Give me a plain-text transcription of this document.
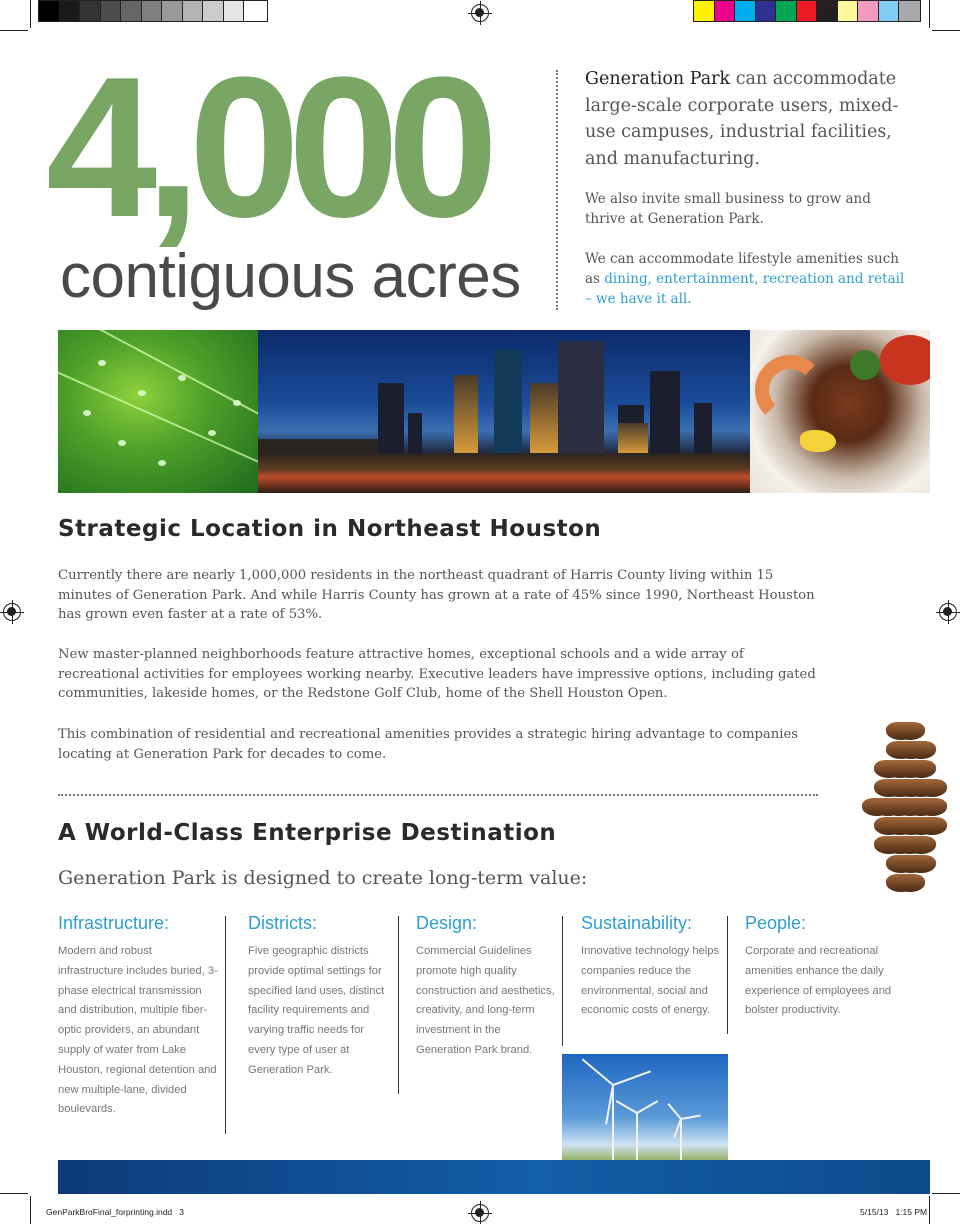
4,000
contiguous acres

Generation Park can accommodate large-scale corporate users, mixed-use campuses, industrial facilities, and manufacturing.

We also invite small business to grow and thrive at Generation Park.

We can accommodate lifestyle amenities such as dining, entertainment, recreation and retail – we have it all.

Strategic Location in Northeast Houston

Currently there are nearly 1,000,000 residents in the northeast quadrant of Harris County living within 15 minutes of Generation Park. And while Harris County has grown at a rate of 45% since 1990, Northeast Houston has grown even faster at a rate of 53%.

New master-planned neighborhoods feature attractive homes, exceptional schools and a wide array of recreational activities for employees working nearby. Executive leaders have impressive options, including gated communities, lakeside homes, or the Redstone Golf Club, home of the Shell Houston Open.

This combination of residential and recreational amenities provides a strategic hiring advantage to companies locating at Generation Park for decades to come.

A World-Class Enterprise Destination

Generation Park is designed to create long-term value:

Infrastructure:
Modern and robust infrastructure includes buried, 3-phase electrical transmission and distribution, multiple fiber-optic providers, an abundant supply of water from Lake Houston, regional detention and new multiple-lane, divided boulevards.
Districts:
Five geographic districts provide optimal settings for specified land uses, distinct facility requirements and varying traffic needs for every type of user at Generation Park.
Design:
Commercial Guidelines promote high quality construction and aesthetics, creativity, and long-term investment in the Generation Park brand.
Sustainability:
Innovative technology helps companies reduce the environmental, social and economic costs of energy.
People:
Corporate and recreational amenities enhance the daily experience of employees and bolster productivity.
GenParkBroFinal_forprinting.indd   3	5/15/13   1:15 PM
